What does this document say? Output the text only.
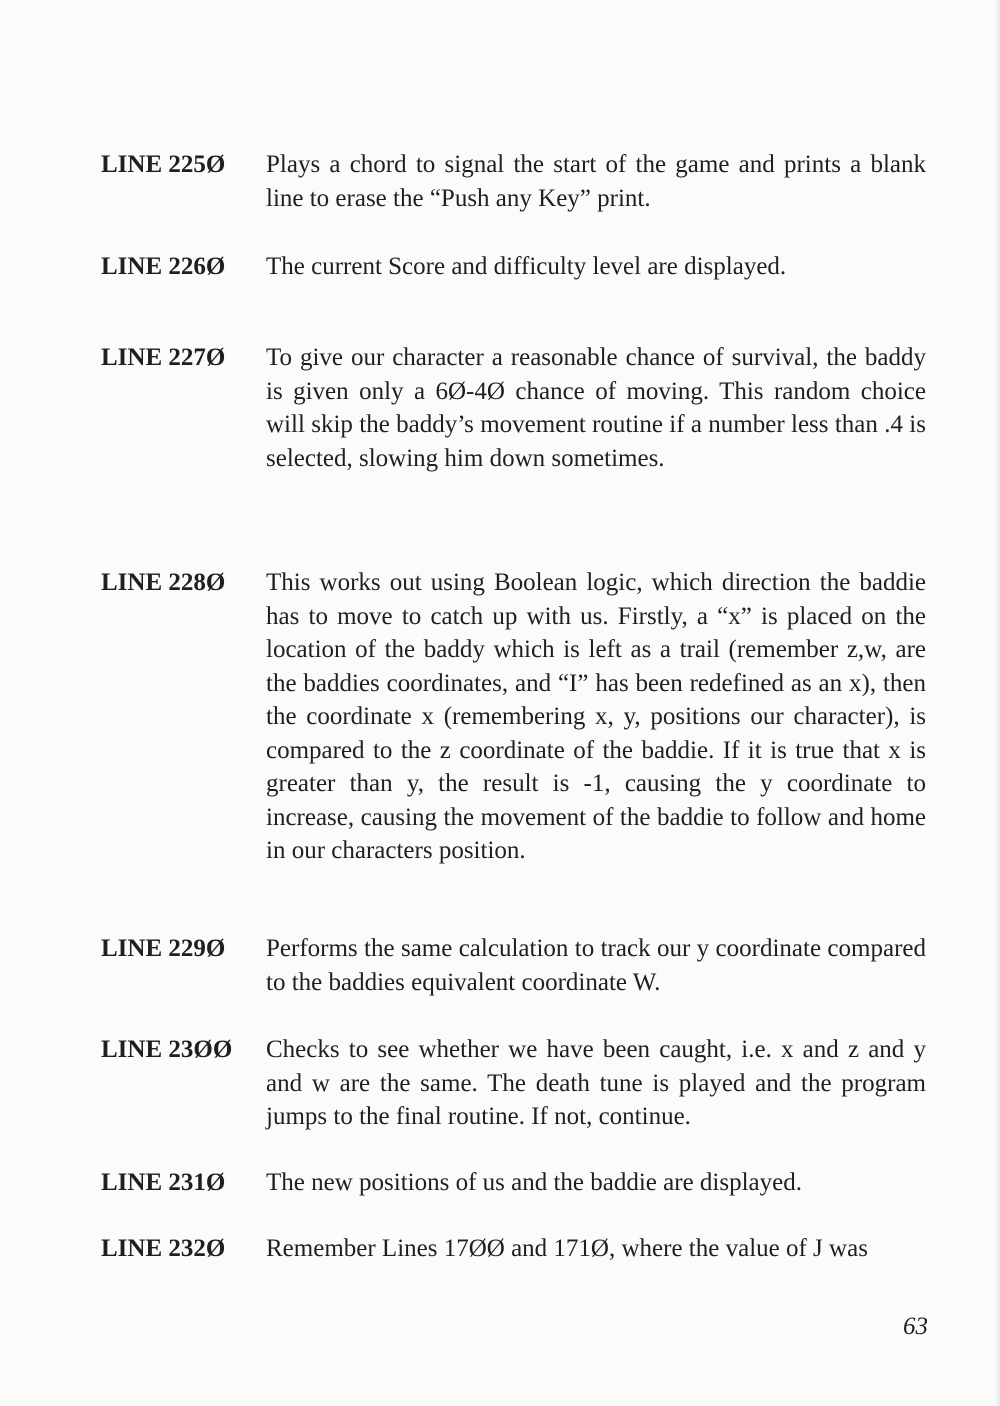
LINE 225Ø Plays a chord to signal the start of the game and prints a blank line to erase the “Push any Key” print.
LINE 226Ø The current Score and difficulty level are displayed.
LINE 227Ø To give our character a reasonable chance of survival, the baddy is given only a 6Ø-4Ø chance of moving. This random choice will skip the baddy’s movement routine if a number less than .4 is selected, slowing him down sometimes.
LINE 228Ø This works out using Boolean logic, which direction the baddie has to move to catch up with us. Firstly, a “x” is placed on the location of the baddy which is left as a trail (remember z,w, are the baddies coordinates, and “I” has been redefined as an x), then the coordinate x (remembering x, y, positions our character), is compared to the z coordinate of the baddie. If it is true that x is greater than y, the result is -1, causing the y coordinate to increase, causing the movement of the baddie to follow and home in our characters position.
LINE 229Ø Performs the same calculation to track our y coordinate compared to the baddies equivalent coordinate W.
LINE 23ØØ Checks to see whether we have been caught, i.e. x and z and y and w are the same. The death tune is played and the program jumps to the final routine. If not, continue.
LINE 231Ø The new positions of us and the baddie are displayed.
LINE 232Ø Remember Lines 17ØØ and 171Ø, where the value of J was
63
